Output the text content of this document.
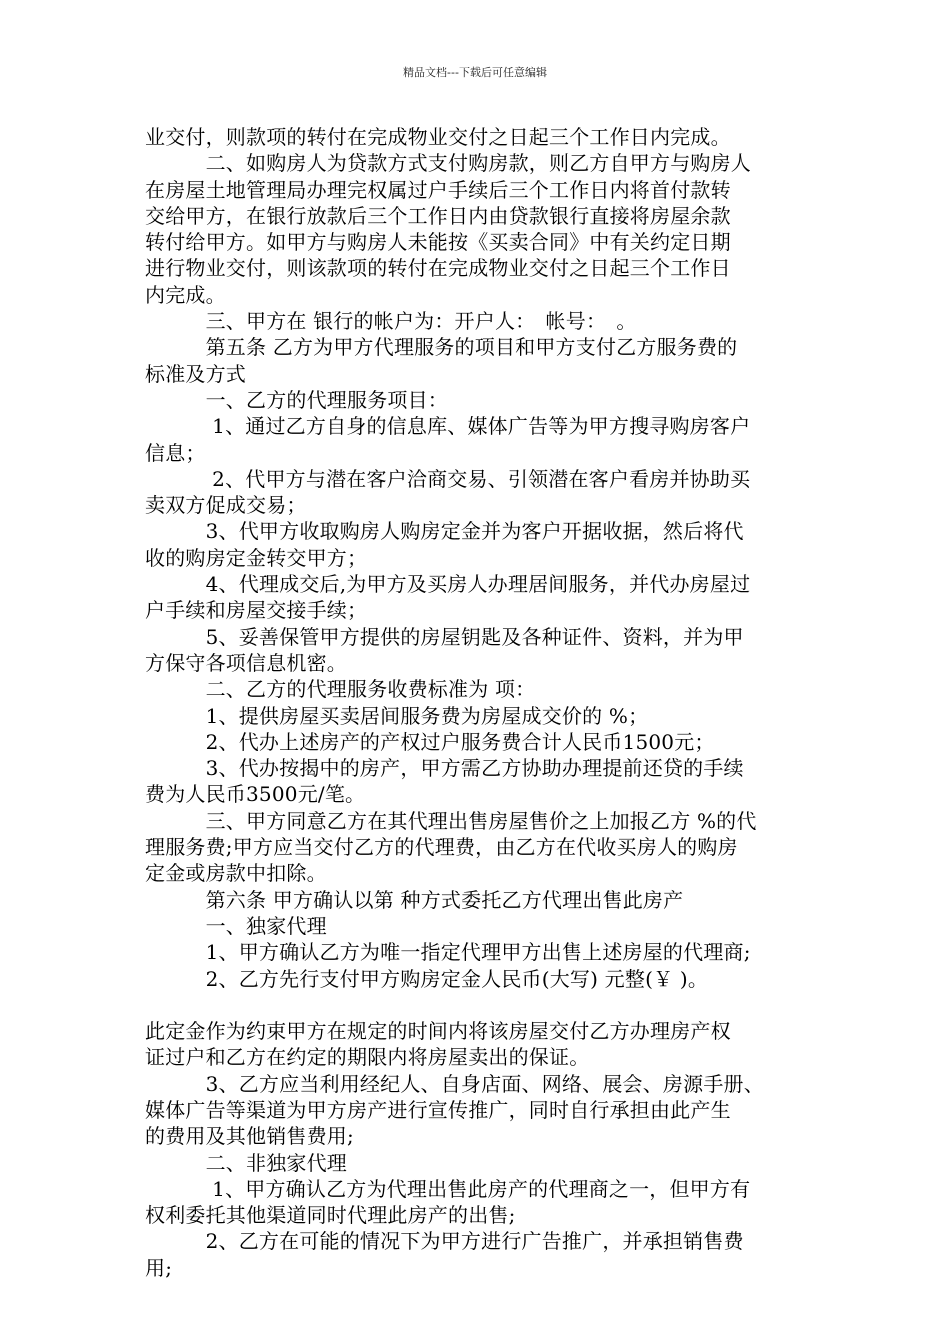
精品文档---下载后可任意编辑
业交付，则款项的转付在完成物业交付之日起三个工作日内完成。
　　　二、如购房人为贷款方式支付购房款，则乙方自甲方与购房人
在房屋土地管理局办理完权属过户手续后三个工作日内将首付款转
交给甲方，在银行放款后三个工作日内由贷款银行直接将房屋余款
转付给甲方。如甲方与购房人未能按《买卖合同》中有关约定日期
进行物业交付，则该款项的转付在完成物业交付之日起三个工作日
内完成。
　　　三、甲方在 银行的帐户为：开户人：　帐号：　。
　　　第五条 乙方为甲方代理服务的项目和甲方支付乙方服务费的
标准及方式
　　　一、乙方的代理服务项目：
　　　 1、通过乙方自身的信息库、媒体广告等为甲方搜寻购房客户
信息；
　　　 2、代甲方与潜在客户洽商交易、引领潜在客户看房并协助买
卖双方促成交易；
　　　3、代甲方收取购房人购房定金并为客户开据收据，然后将代
收的购房定金转交甲方；
　　　4、代理成交后,为甲方及买房人办理居间服务，并代办房屋过
户手续和房屋交接手续；
　　　5、妥善保管甲方提供的房屋钥匙及各种证件、资料，并为甲
方保守各项信息机密。
　　　二、乙方的代理服务收费标准为 项：
　　　1、提供房屋买卖居间服务费为房屋成交价的 %；
　　　2、代办上述房产的产权过户服务费合计人民币1500元；
　　　3、代办按揭中的房产，甲方需乙方协助办理提前还贷的手续
费为人民币3500元/笔。
　　　三、甲方同意乙方在其代理出售房屋售价之上加报乙方 %的代
理服务费;甲方应当交付乙方的代理费，由乙方在代收买房人的购房
定金或房款中扣除。
　　　第六条 甲方确认以第 种方式委托乙方代理出售此房产
　　　一、独家代理
　　　1、甲方确认乙方为唯一指定代理甲方出售上述房屋的代理商;
　　　2、乙方先行支付甲方购房定金人民币(大写) 元整(￥ )。
此定金作为约束甲方在规定的时间内将该房屋交付乙方办理房产权
证过户和乙方在约定的期限内将房屋卖出的保证。
　　　3、乙方应当利用经纪人、自身店面、网络、展会、房源手册、
媒体广告等渠道为甲方房产进行宣传推广，同时自行承担由此产生
的费用及其他销售费用;
　　　二、非独家代理
　　　 1、甲方确认乙方为代理出售此房产的代理商之一，但甲方有
权利委托其他渠道同时代理此房产的出售;
　　　2、乙方在可能的情况下为甲方进行广告推广，并承担销售费
用;
